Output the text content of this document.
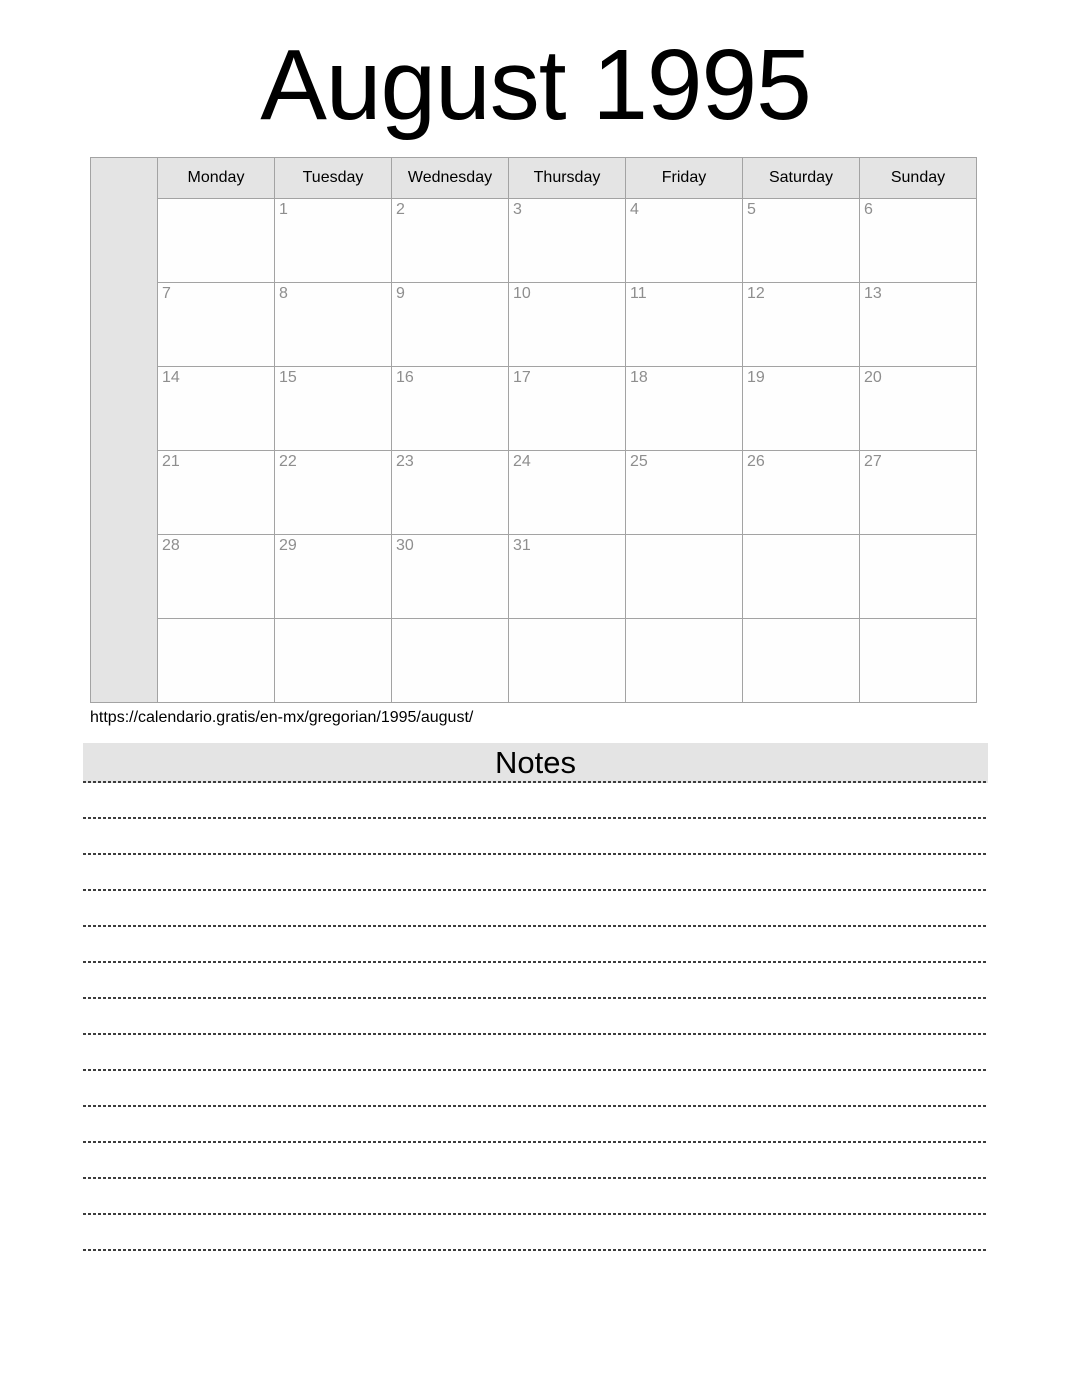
August 1995
	Monday	Tuesday	Wednesday	Thursday	Friday	Saturday	Sunday
		1	2	3	4	5	6
	7	8	9	10	11	12	13
	14	15	16	17	18	19	20
	21	22	23	24	25	26	27
	28	29	30	31			

https://calendario.gratis/en-mx/gregorian/1995/august/
Notes
